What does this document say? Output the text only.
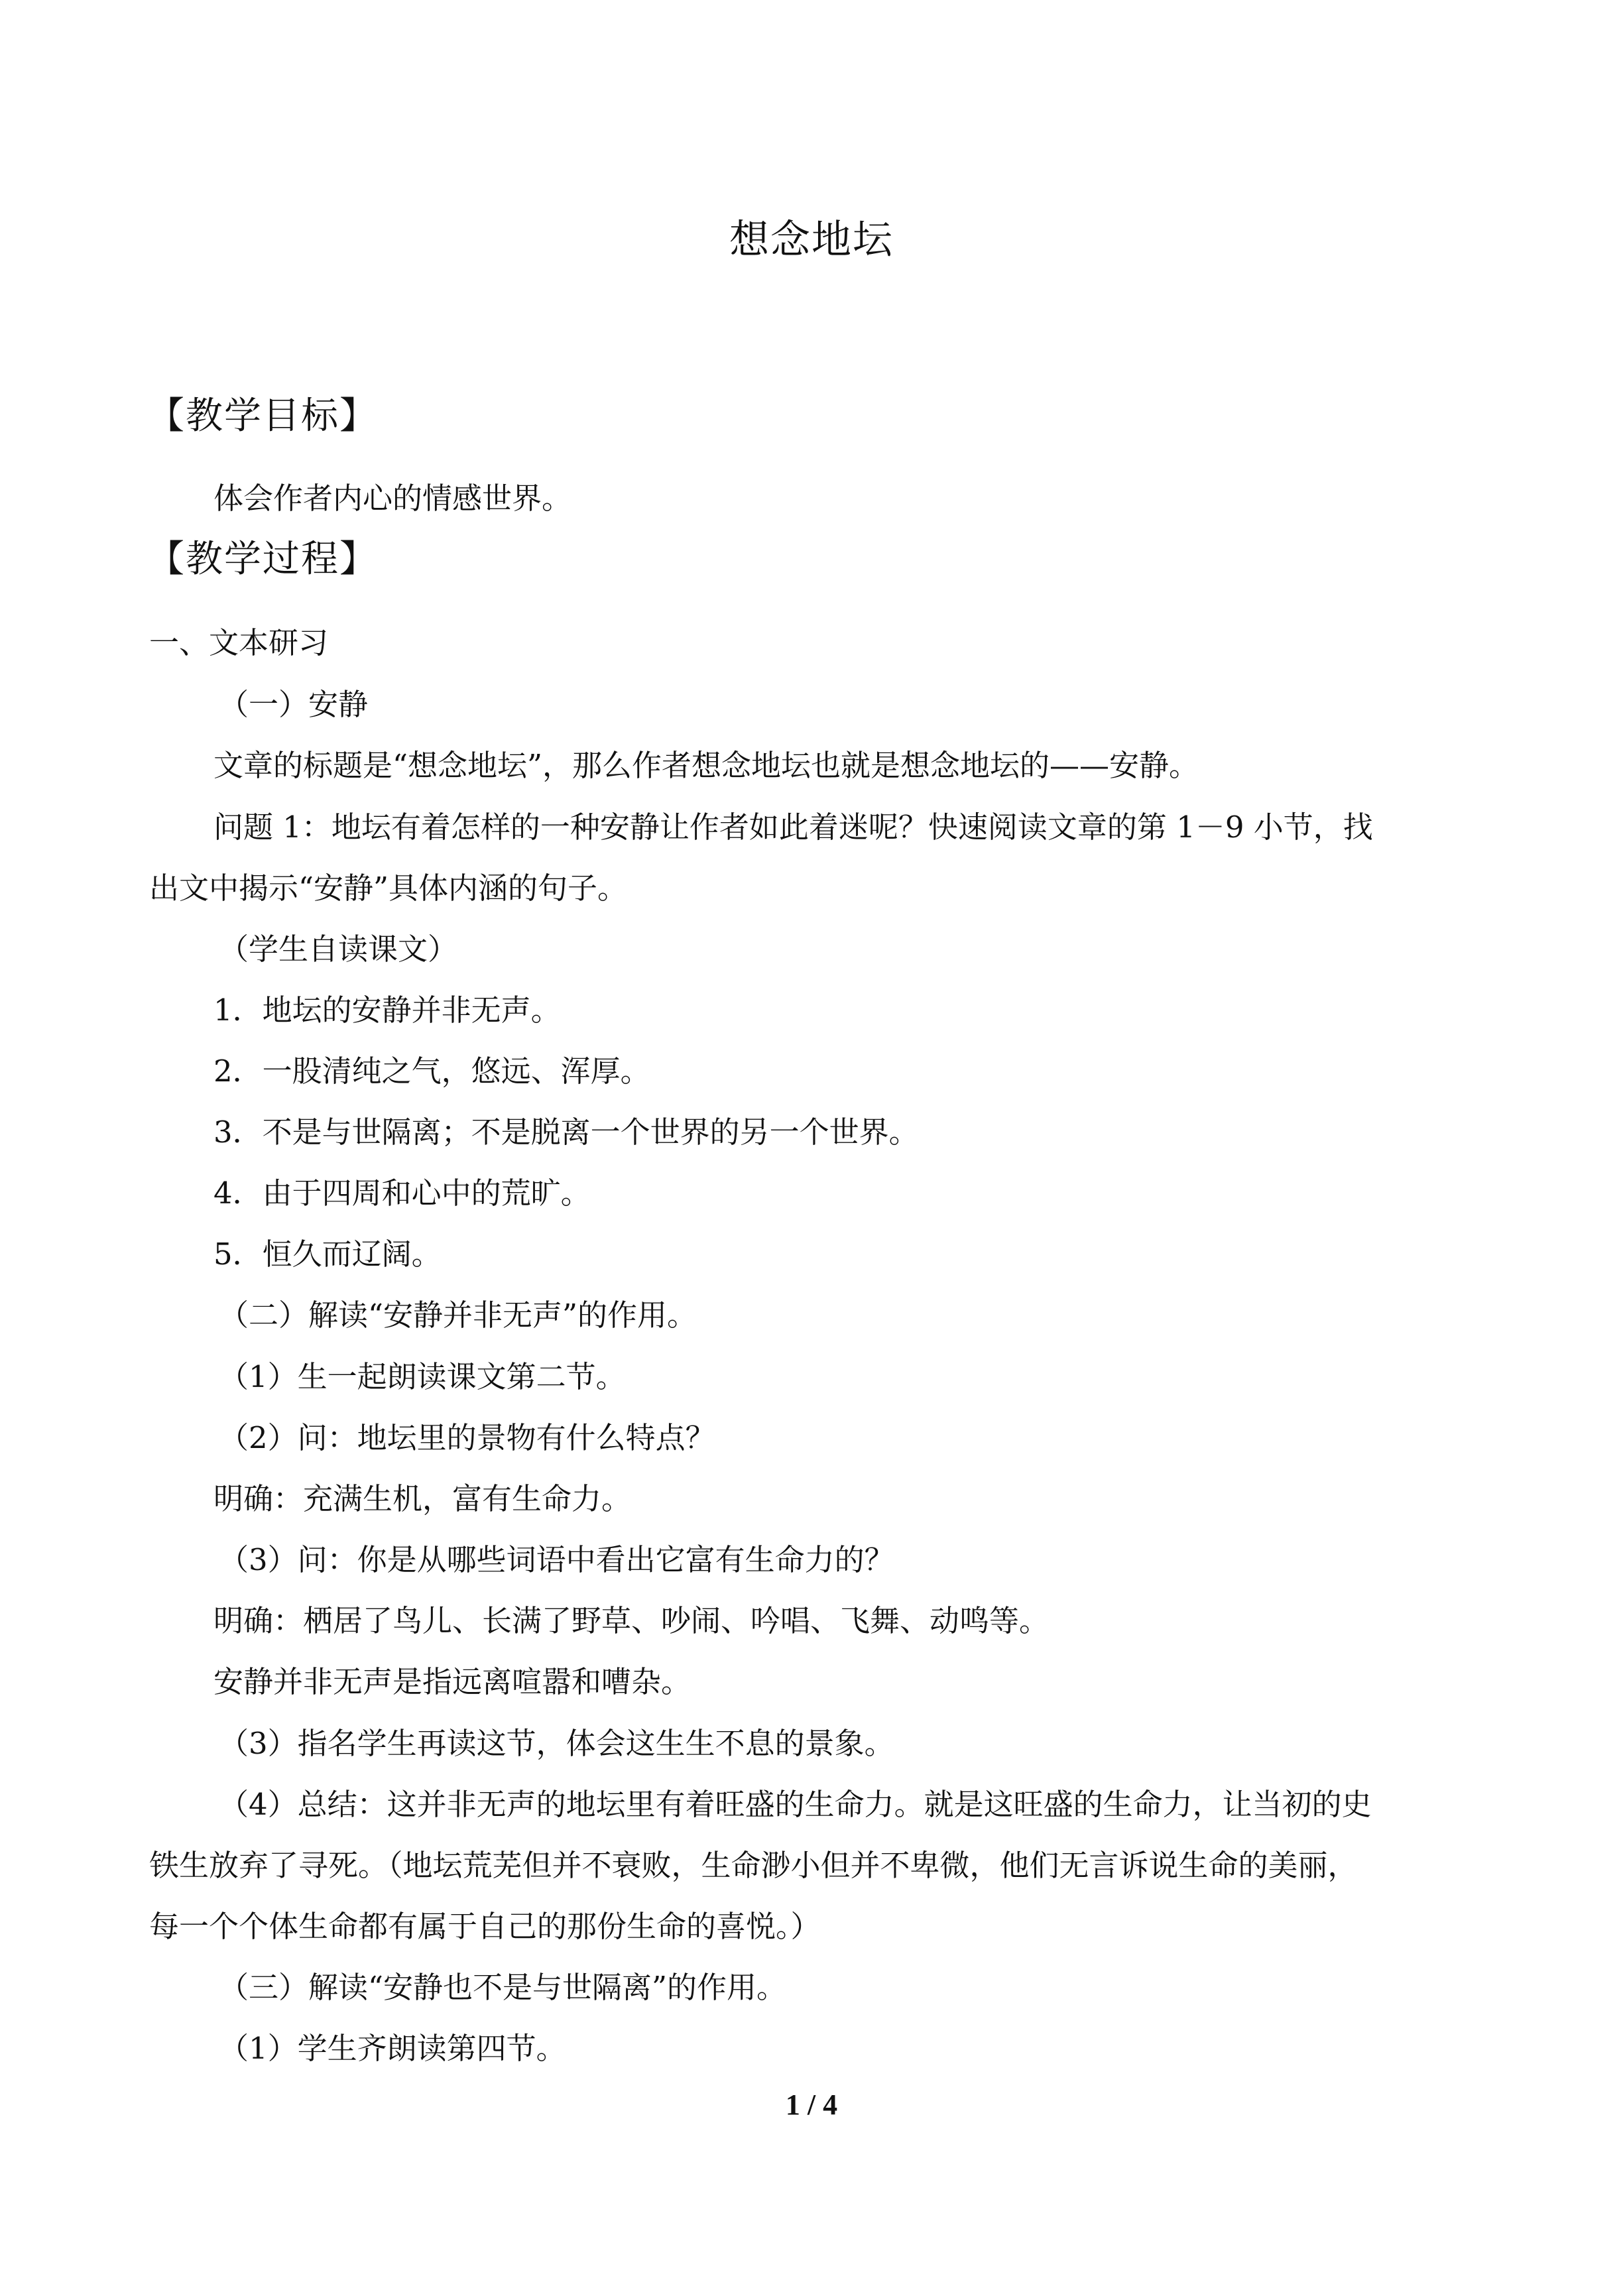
想念地坛
【教学目标】
体会作者内心的情感世界。
【教学过程】
一、文本研习
（一）安静
文章的标题是“想念地坛”，那么作者想念地坛也就是想念地坛的——安静。
问题 1：地坛有着怎样的一种安静让作者如此着迷呢？快速阅读文章的第 1－9 小节，找
出文中揭示“安静”具体内涵的句子。
（学生自读课文）
1．地坛的安静并非无声。
2．一股清纯之气，悠远、浑厚。
3．不是与世隔离；不是脱离一个世界的另一个世界。
4．由于四周和心中的荒旷。
5．恒久而辽阔。
（二）解读“安静并非无声”的作用。
（1）生一起朗读课文第二节。
（2）问：地坛里的景物有什么特点？
明确：充满生机，富有生命力。
（3）问：你是从哪些词语中看出它富有生命力的？
明确：栖居了鸟儿、长满了野草、吵闹、吟唱、飞舞、动鸣等。
安静并非无声是指远离喧嚣和嘈杂。
（3）指名学生再读这节，体会这生生不息的景象。
（4）总结：这并非无声的地坛里有着旺盛的生命力。就是这旺盛的生命力，让当初的史
铁生放弃了寻死。（地坛荒芜但并不衰败，生命渺小但并不卑微，他们无言诉说生命的美丽，
每一个个体生命都有属于自己的那份生命的喜悦。）
（三）解读“安静也不是与世隔离”的作用。
（1）学生齐朗读第四节。
1 / 4
